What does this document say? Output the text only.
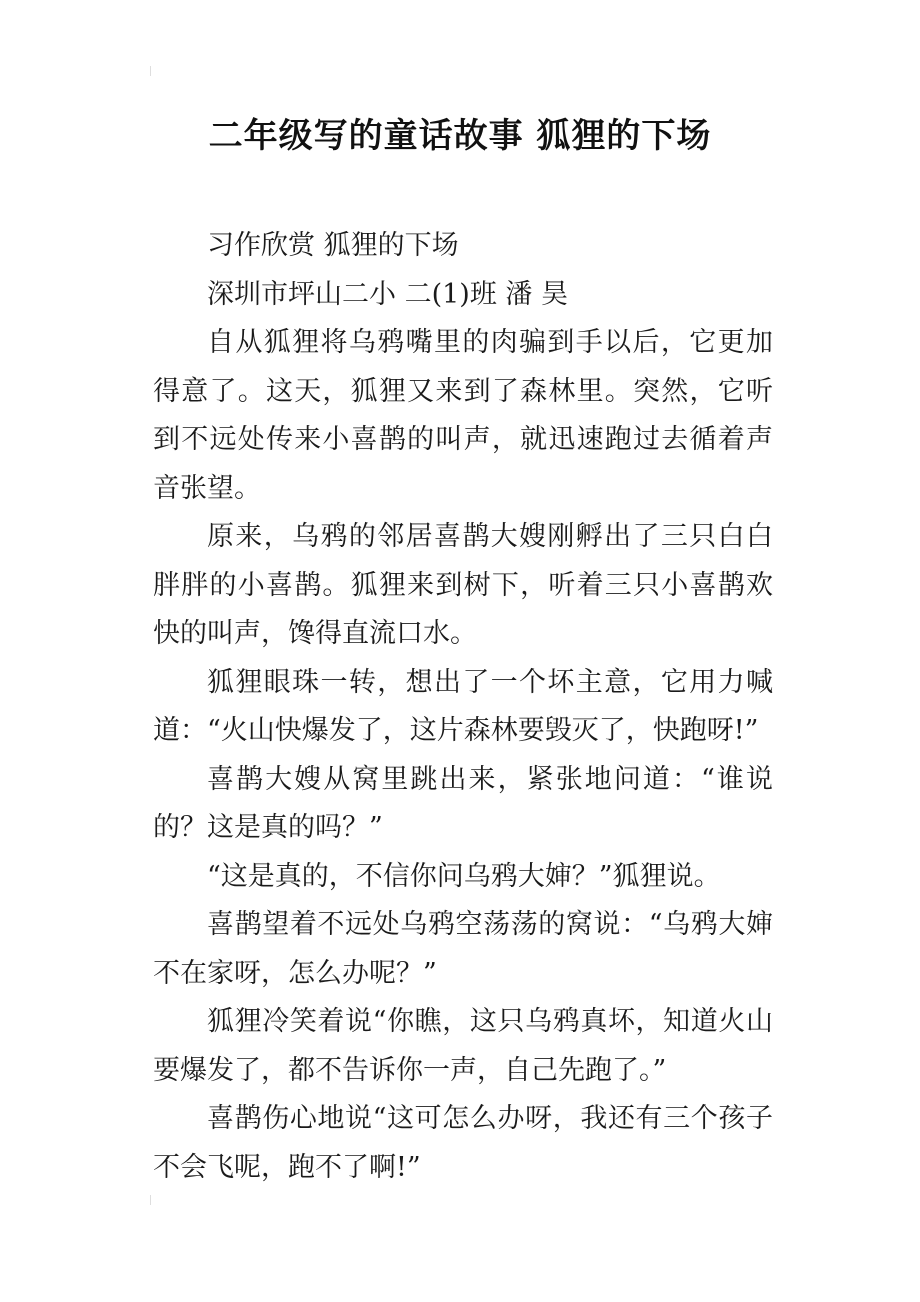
二年级写的童话故事 狐狸的下场

习作欣赏 狐狸的下场

深圳市坪山二小 二(1)班 潘 昊

自从狐狸将乌鸦嘴里的肉骗到手以后，它更加得意了。这天，狐狸又来到了森林里。突然，它听到不远处传来小喜鹊的叫声，就迅速跑过去循着声音张望。

原来，乌鸦的邻居喜鹊大嫂刚孵出了三只白白胖胖的小喜鹊。狐狸来到树下，听着三只小喜鹊欢快的叫声，馋得直流口水。

狐狸眼珠一转，想出了一个坏主意，它用力喊道：“火山快爆发了，这片森林要毁灭了，快跑呀!”

喜鹊大嫂从窝里跳出来，紧张地问道：“谁说的？这是真的吗？”

“这是真的，不信你问乌鸦大婶？”狐狸说。

喜鹊望着不远处乌鸦空荡荡的窝说：“乌鸦大婶不在家呀，怎么办呢？”

狐狸冷笑着说“你瞧，这只乌鸦真坏，知道火山要爆发了，都不告诉你一声，自己先跑了。”

喜鹊伤心地说“这可怎么办呀，我还有三个孩子不会飞呢，跑不了啊!”
